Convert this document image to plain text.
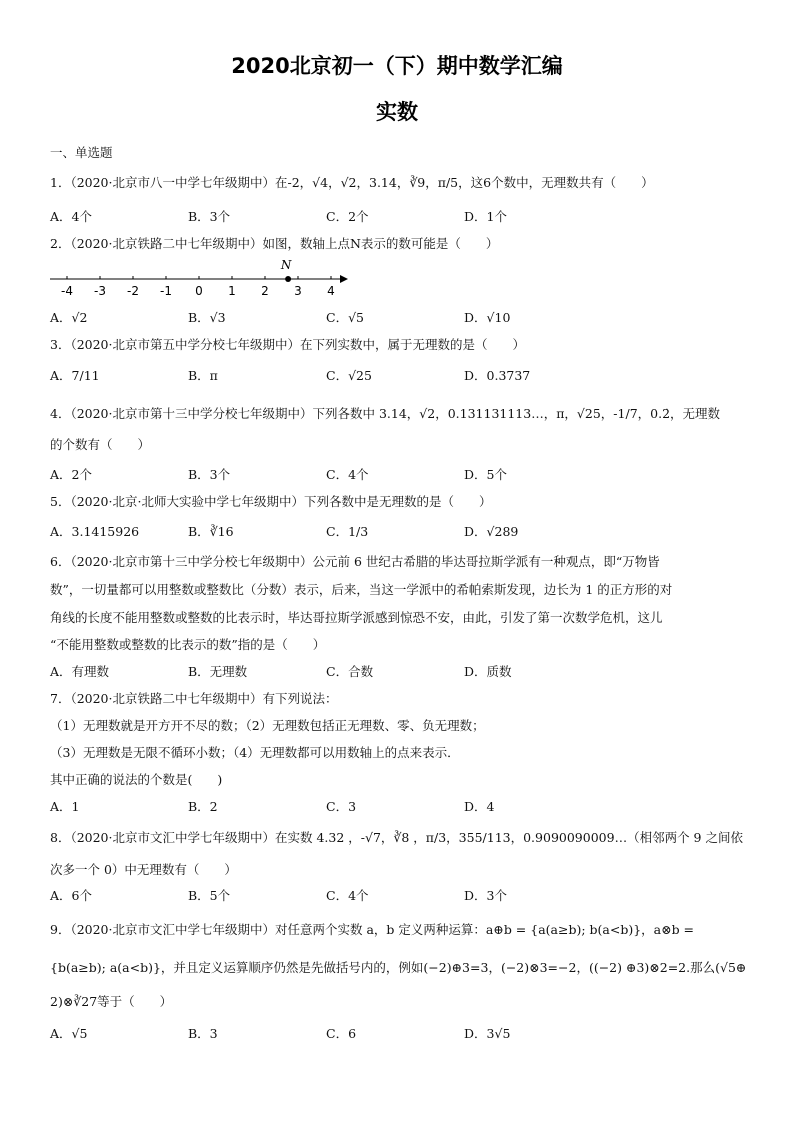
2020北京初一（下）期中数学汇编
实数
一、单选题
1．（2020·北京市八一中学七年级期中）在-2，√4，√2，3.14，∛9，π/5，这6个数中，无理数共有（　　）
A．4个	B．3个	C．2个	D．1个
2．（2020·北京铁路二中七年级期中）如图，数轴上点N表示的数可能是（　　）
-4 -3 -2 -1 0 1 2 3 4
N
A．√2	B．√3	C．√5	D．√10
3．（2020·北京市第五中学分校七年级期中）在下列实数中，属于无理数的是（　　）
A．7/11	B．π	C．√25	D．0.3737
4．（2020·北京市第十三中学分校七年级期中）下列各数中 3.14，√2，0.131131113…，π，√25，-1/7，0.2̇，无理数
的个数有（　　）
A．2个	B．3个	C．4个	D．5个
5．（2020·北京·北师大实验中学七年级期中）下列各数中是无理数的是（　　）
A．3.1415926	B．∛16	C．1/3	D．√289
6．（2020·北京市第十三中学分校七年级期中）公元前 6 世纪古希腊的毕达哥拉斯学派有一种观点，即“万物皆
数”，一切量都可以用整数或整数比（分数）表示，后来，当这一学派中的希帕索斯发现，边长为 1 的正方形的对
角线的长度不能用整数或整数的比表示时，毕达哥拉斯学派感到惊恐不安，由此，引发了第一次数学危机，这儿
“不能用整数或整数的比表示的数”指的是（　　）
A．有理数	B．无理数	C．合数	D．质数
7．（2020·北京铁路二中七年级期中）有下列说法：
（1）无理数就是开方开不尽的数；（2）无理数包括正无理数、零、负无理数；
（3）无理数是无限不循环小数；（4）无理数都可以用数轴上的点来表示．
其中正确的说法的个数是(　　)
A．1	B．2	C．3	D．4
8．（2020·北京市文汇中学七年级期中）在实数 4.32 ，-√7，∛8 ，π/3，355/113，0.9090090009…（相邻两个 9 之间依
次多一个 0）中无理数有（　　）
A．6个	B．5个	C．4个	D．3个
9．（2020·北京市文汇中学七年级期中）对任意两个实数 a，b 定义两种运算：a⊕b = {a(a≥b); b(a<b)}，a⊗b =
{b(a≥b); a(a<b)}，并且定义运算顺序仍然是先做括号内的，例如(−2)⊕3=3，(−2)⊗3=−2，((−2) ⊕3)⊗2=2.那么(√5⊕
2)⊗∛27等于（　　）
A．√5	B．3	C．6	D．3√5
